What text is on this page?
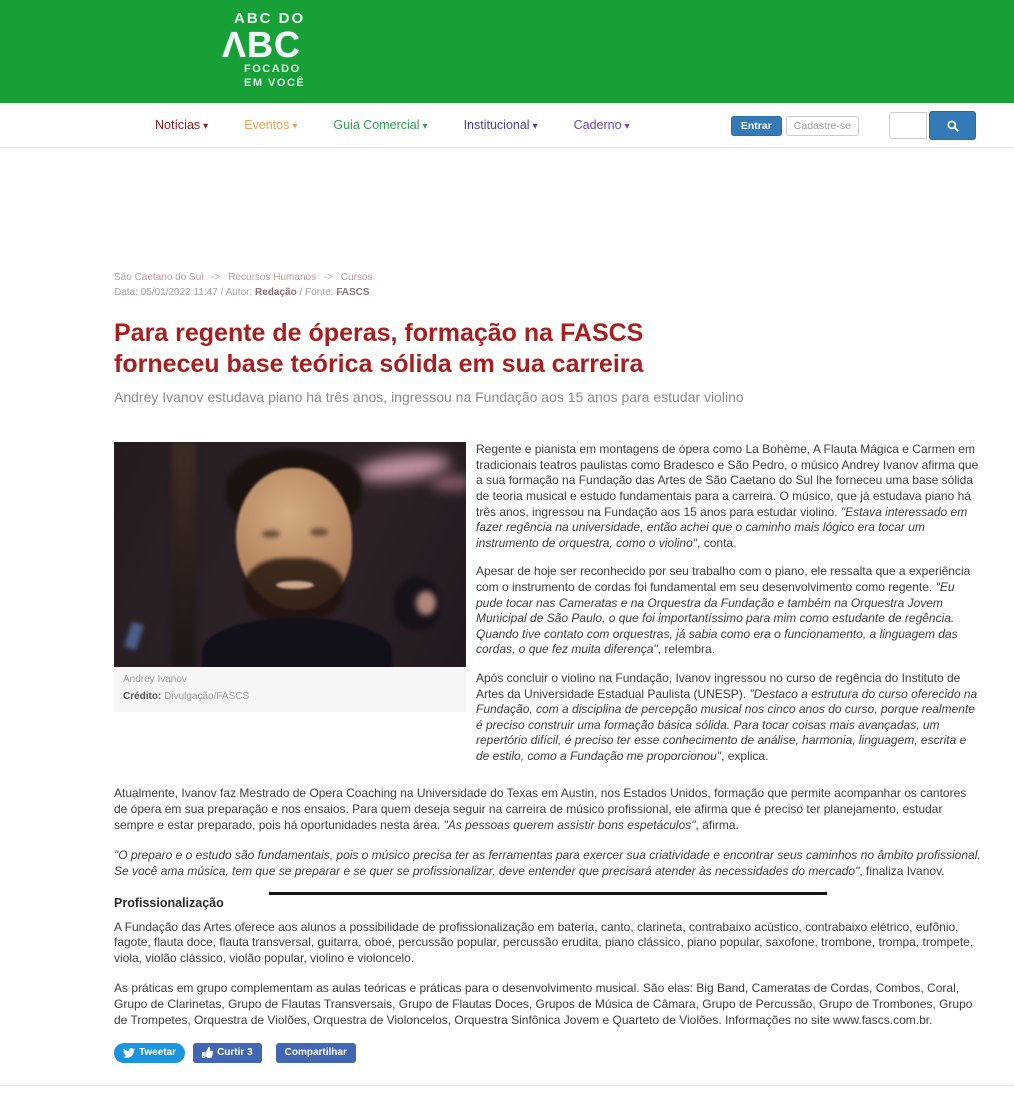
ABC DO
ΛBC
FOCADO
EM VOCÊ
Notícias ▾	Eventos ▾	Guia Comercial ▾	Institucional ▾	Caderno ▾	Entrar	Cadastre-se
São Caetano do Sul -> Recursos Humanos -> Cursos
Data: 05/01/2022 11:47 / Autor: Redação / Fonte: FASCS
Para regente de óperas, formação na FASCS forneceu base teórica sólida em sua carreira
Andrey Ivanov estudava piano há três anos, ingressou na Fundação aos 15 anos para estudar violino
Andrey Ivanov
Crédito: Divulgação/FASCS

Regente e pianista em montagens de ópera como La Bohème, A Flauta Mágica e Carmen em tradicionais teatros paulistas como Bradesco e São Pedro, o músico Andrey Ivanov afirma que a sua formação na Fundação das Artes de São Caetano do Sul lhe forneceu uma base sólida de teoria musical e estudo fundamentais para a carreira. O músico, que já estudava piano há três anos, ingressou na Fundação aos 15 anos para estudar violino. "Estava interessado em fazer regência na universidade, então achei que o caminho mais lógico era tocar um instrumento de orquestra, como o violino", conta.

Apesar de hoje ser reconhecido por seu trabalho com o piano, ele ressalta que a experiência com o instrumento de cordas foi fundamental em seu desenvolvimento como regente. "Eu pude tocar nas Cameratas e na Orquestra da Fundação e também na Orquestra Jovem Municipal de São Paulo, o que foi importantíssimo para mim como estudante de regência. Quando tive contato com orquestras, já sabia como era o funcionamento, a linguagem das cordas, o que fez muita diferença", relembra.

Após concluir o violino na Fundação, Ivanov ingressou no curso de regência do Instituto de Artes da Universidade Estadual Paulista (UNESP). "Destaco a estrutura do curso oferecido na Fundação, com a disciplina de percepção musical nos cinco anos do curso, porque realmente é preciso construir uma formação básica sólida. Para tocar coisas mais avançadas, um repertório difícil, é preciso ter esse conhecimento de análise, harmonia, linguagem, escrita e de estilo, como a Fundação me proporcionou", explica.

Atualmente, Ivanov faz Mestrado de Opera Coaching na Universidade do Texas em Austin, nos Estados Unidos, formação que permite acompanhar os cantores de ópera em sua preparação e nos ensaios. Para quem deseja seguir na carreira de músico profissional, ele afirma que é preciso ter planejamento, estudar sempre e estar preparado, pois há oportunidades nesta área. "As pessoas querem assistir bons espetáculos", afirma.

"O preparo e o estudo são fundamentais, pois o músico precisa ter as ferramentas para exercer sua criatividade e encontrar seus caminhos no âmbito profissional. Se você ama música, tem que se preparar e se quer se profissionalizar, deve entender que precisará atender às necessidades do mercado", finaliza Ivanov.

Profissionalização

A Fundação das Artes oferece aos alunos a possibilidade de profissionalização em bateria, canto, clarineta, contrabaixo acústico, contrabaixo elétrico, eufônio, fagote, flauta doce, flauta transversal, guitarra, oboé, percussão popular, percussão erudita, piano clássico, piano popular, saxofone, trombone, trompa, trompete, viola, violão clássico, violão popular, violino e violoncelo.

As práticas em grupo complementam as aulas teóricas e práticas para o desenvolvimento musical. São elas: Big Band, Cameratas de Cordas, Combos, Coral, Grupo de Clarinetas, Grupo de Flautas Transversais, Grupo de Flautas Doces, Grupos de Música de Câmara, Grupo de Percussão, Grupo de Trombones, Grupo de Trompetes, Orquestra de Violões, Orquestra de Violoncelos, Orquestra Sinfônica Jovem e Quarteto de Violões. Informações no site www.fascs.com.br.

Tweetar	Curtir 3	Compartilhar
